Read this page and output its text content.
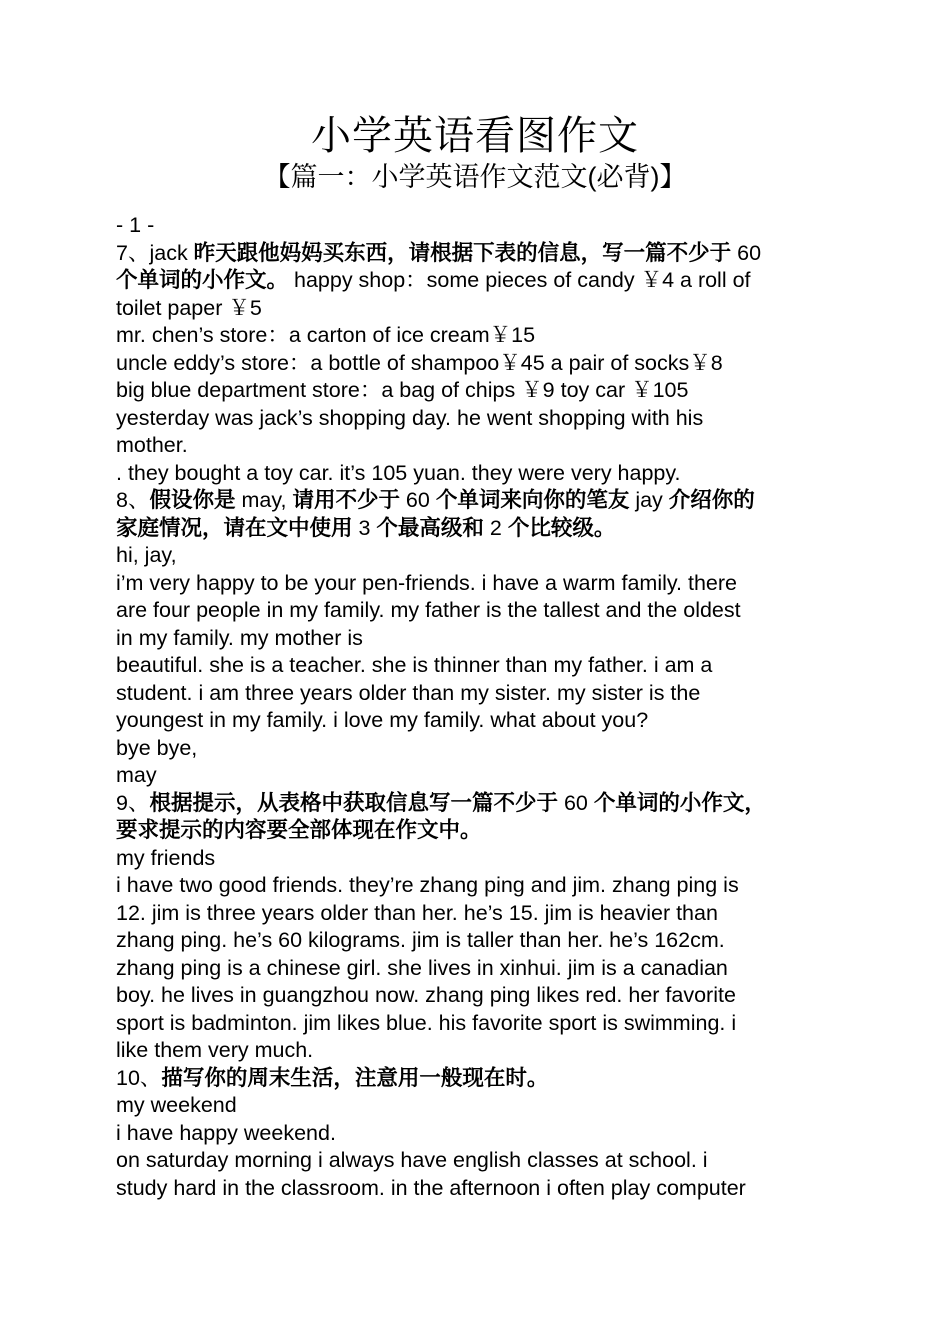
小学英语看图作文
【篇一：小学英语作文范文(必背)】

- 1 -

7、jack 昨天跟他妈妈买东西，请根据下表的信息，写一篇不少于 60

个单词的小作文。 happy shop：some pieces of candy ￥4 a roll of

toilet paper ￥5

mr. chen’s store：a carton of ice cream￥15

uncle eddy’s store：a bottle of shampoo￥45 a pair of socks￥8

big blue department store：a bag of chips ￥9 toy car ￥105

yesterday was jack’s shopping day. he went shopping with his

mother.

. they bought a toy car. it’s 105 yuan. they were very happy.

8、假设你是 may, 请用不少于 60 个单词来向你的笔友 jay 介绍你的

家庭情况，请在文中使用 3 个最高级和 2 个比较级。

hi, jay,

i’m very happy to be your pen-friends. i have a warm family. there

are four people in my family. my father is the tallest and the oldest

in my family. my mother is

beautiful. she is a teacher. she is thinner than my father. i am a

student. i am three years older than my sister. my sister is the

youngest in my family. i love my family. what about you?

bye bye,

may

9、根据提示，从表格中获取信息写一篇不少于 60 个单词的小作文，

要求提示的内容要全部体现在作文中。

my friends

i have two good friends. they’re zhang ping and jim. zhang ping is

12. jim is three years older than her. he’s 15. jim is heavier than

zhang ping. he’s 60 kilograms. jim is taller than her. he’s 162cm.

zhang ping is a chinese girl. she lives in xinhui. jim is a canadian

boy. he lives in guangzhou now. zhang ping likes red. her favorite

sport is badminton. jim likes blue. his favorite sport is swimming. i

like them very much.

10、描写你的周末生活，注意用一般现在时。

my weekend

i have happy weekend.

on saturday morning i always have english classes at school. i

study hard in the classroom. in the afternoon i often play computer
